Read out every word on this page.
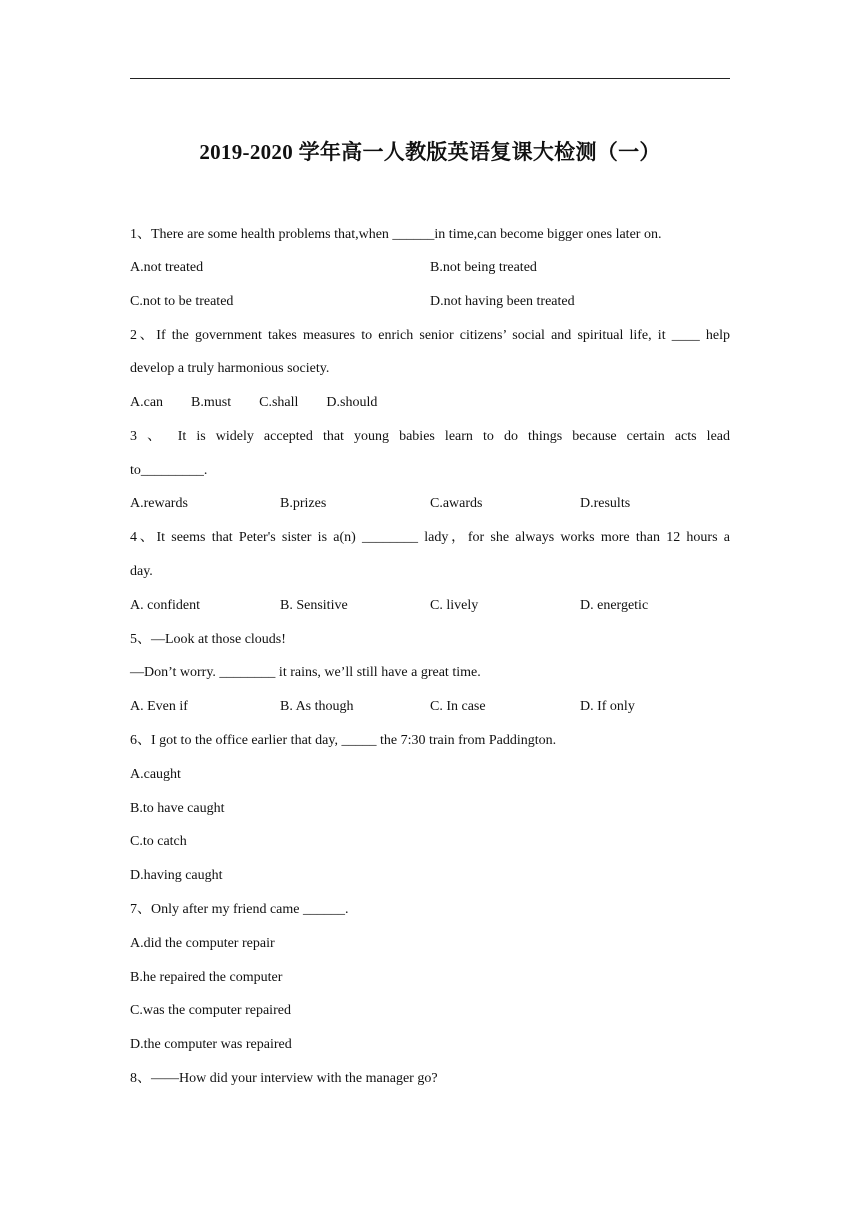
2019-2020 学年高一人教版英语复课大检测（一）
1、There are some health problems that,when ______in time,can become bigger ones later on.
A.not treated	B.not being treated
C.not to be treated	D.not having been treated
2、If the government takes measures to enrich senior citizens’ social and spiritual life, it ____ help
develop a truly harmonious society.
A.can B.must C.shall D.should
3 、 It is widely accepted that young babies learn to do things because certain acts lead
to_________.
A.rewards	B.prizes	C.awards	D.results
4、It seems that Peter's sister is a(n) ________ lady，for she always works more than 12 hours a
day.
A. confident	B. Sensitive	C. lively	D. energetic
5、—Look at those clouds!
—Don’t worry. ________ it rains, we’ll still have a great time.
A. Even if	B. As though	C. In case	D. If only
6、I got to the office earlier that day, _____ the 7:30 train from Paddington.
A.caught
B.to have caught
C.to catch
D.having caught
7、Only after my friend came ______.
A.did the computer repair
B.he repaired the computer
C.was the computer repaired
D.the computer was repaired
8、——How did your interview with the manager go?
